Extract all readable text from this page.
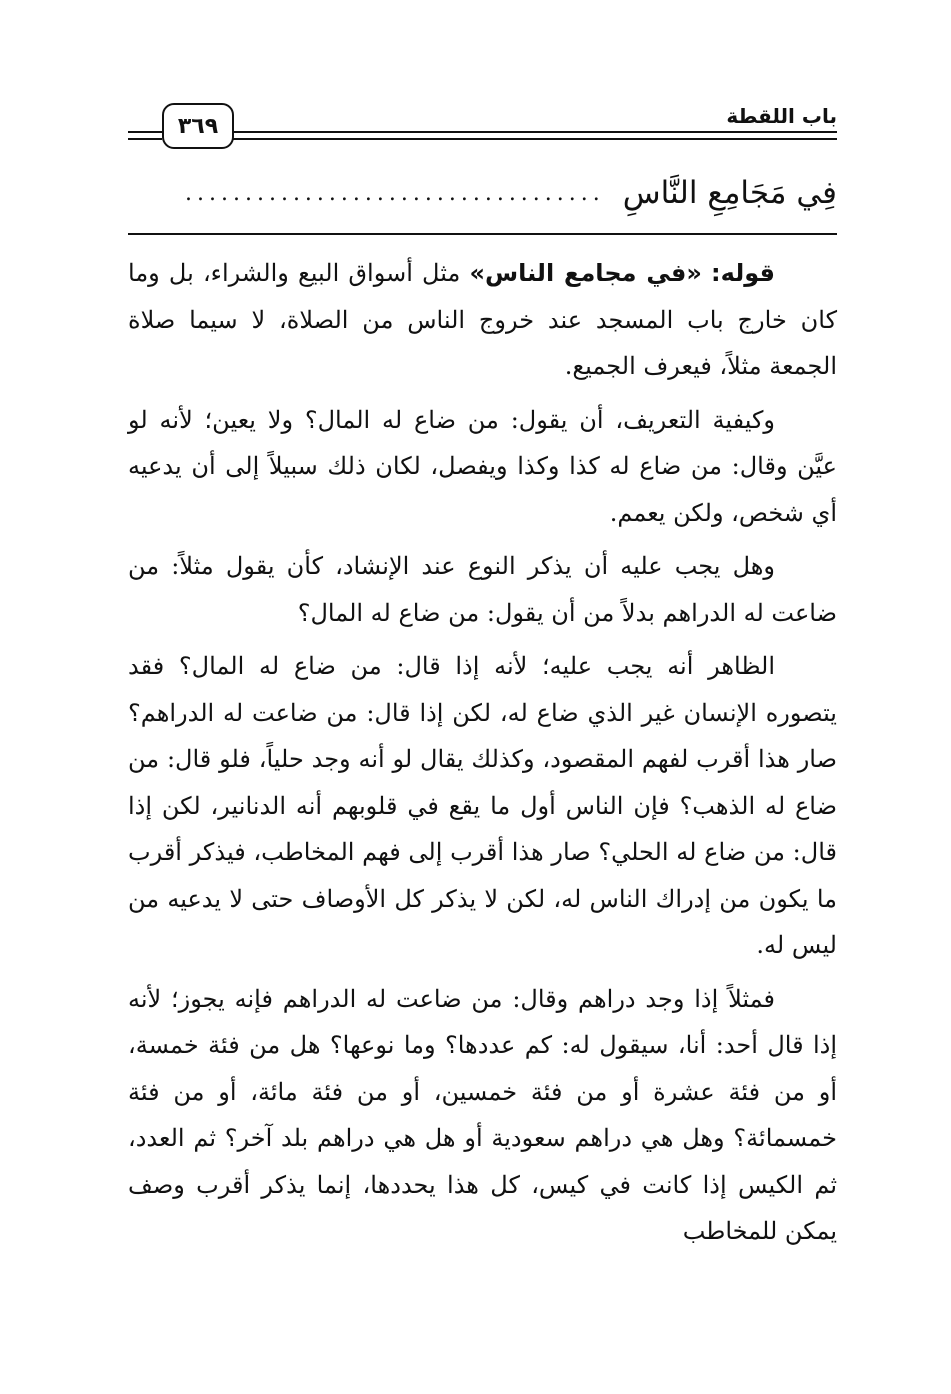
باب اللقطة
٣٦٩
فِي مَجَامِعِ النَّاسِ
...................................

قوله: «في مجامع الناس» مثل أسواق البيع والشراء، بل وما كان خارج باب المسجد عند خروج الناس من الصلاة، لا سيما صلاة الجمعة مثلاً، فيعرف الجميع.

وكيفية التعريف، أن يقول: من ضاع له المال؟ ولا يعين؛ لأنه لو عيَّن وقال: من ضاع له كذا وكذا ويفصل، لكان ذلك سبيلاً إلى أن يدعيه أي شخص، ولكن يعمم.

وهل يجب عليه أن يذكر النوع عند الإنشاد، كأن يقول مثلاً: من ضاعت له الدراهم بدلاً من أن يقول: من ضاع له المال؟

الظاهر أنه يجب عليه؛ لأنه إذا قال: من ضاع له المال؟ فقد يتصوره الإنسان غير الذي ضاع له، لكن إذا قال: من ضاعت له الدراهم؟ صار هذا أقرب لفهم المقصود، وكذلك يقال لو أنه وجد حلياً، فلو قال: من ضاع له الذهب؟ فإن الناس أول ما يقع في قلوبهم أنه الدنانير، لكن إذا قال: من ضاع له الحلي؟ صار هذا أقرب إلى فهم المخاطب، فيذكر أقرب ما يكون من إدراك الناس له، لكن لا يذكر كل الأوصاف حتى لا يدعيه من ليس له.

فمثلاً إذا وجد دراهم وقال: من ضاعت له الدراهم فإنه يجوز؛ لأنه إذا قال أحد: أنا، سيقول له: كم عددها؟ وما نوعها؟ هل من فئة خمسة، أو من فئة عشرة أو من فئة خمسين، أو من فئة مائة، أو من فئة خمسمائة؟ وهل هي دراهم سعودية أو هل هي دراهم بلد آخر؟ ثم العدد، ثم الكيس إذا كانت في كيس، كل هذا يحددها، إنما يذكر أقرب وصف يمكن للمخاطب
